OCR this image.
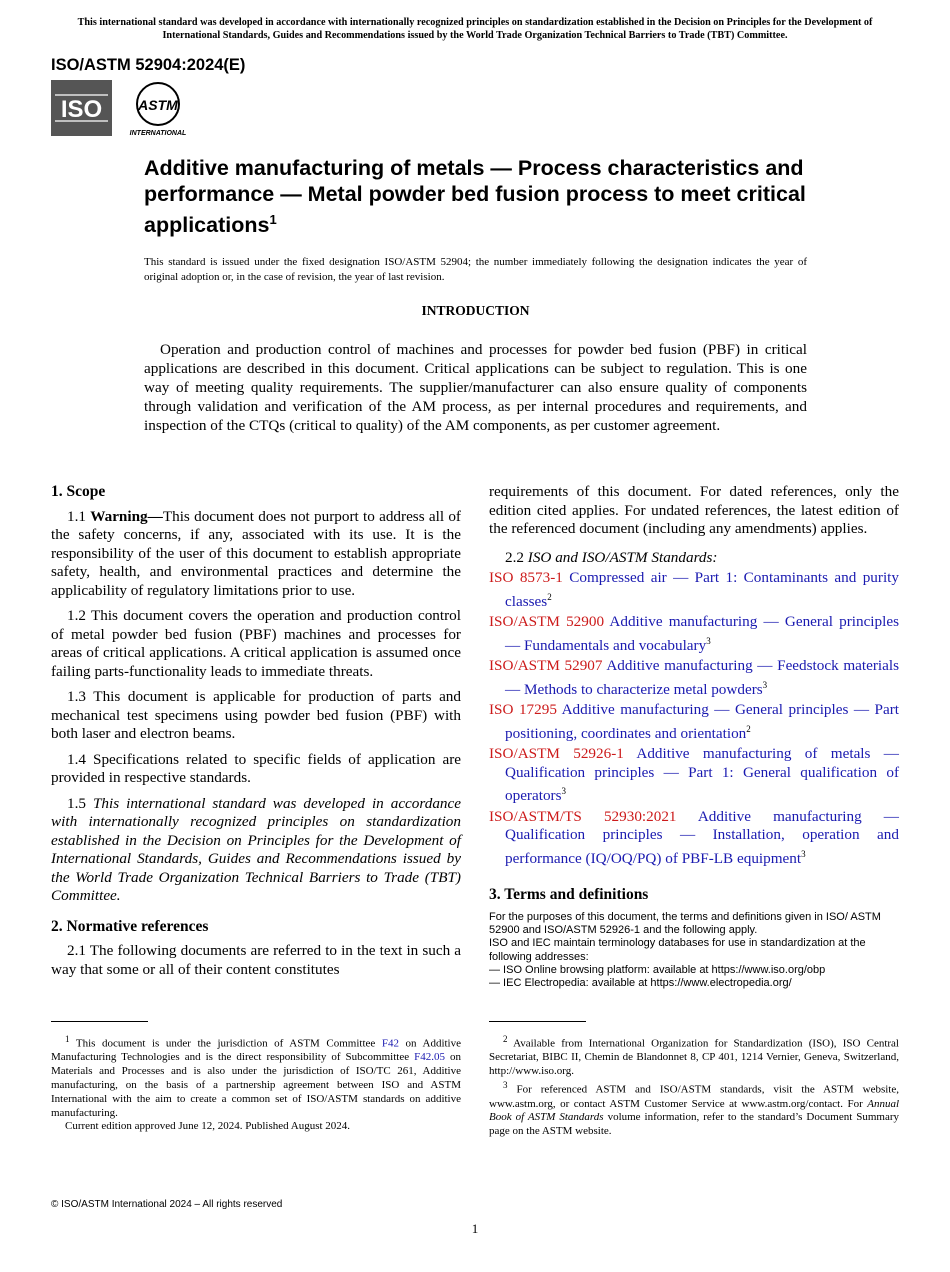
This international standard was developed in accordance with internationally recognized principles on standardization established in the Decision on Principles for the Development of International Standards, Guides and Recommendations issued by the World Trade Organization Technical Barriers to Trade (TBT) Committee.
ISO/ASTM 52904:2024(E)
ISO	ASTM
INTERNATIONAL
Additive manufacturing of metals — Process characteristics and performance — Metal powder bed fusion process to meet critical applications$^1$
This standard is issued under the fixed designation ISO/ASTM 52904; the number immediately following the designation indicates the year of original adoption or, in the case of revision, the year of last revision.
INTRODUCTION
Operation and production control of machines and processes for powder bed fusion (PBF) in critical applications are described in this document. Critical applications can be subject to regulation. This is one way of meeting quality requirements. The supplier/manufacturer can also ensure quality of components through validation and verification of the AM process, as per internal procedures and requirements, and inspection of the CTQs (critical to quality) of the AM components, as per customer agreement.
1. Scope

1.1 Warning—This document does not purport to address all of the safety concerns, if any, associated with its use. It is the responsibility of the user of this document to establish appropriate safety, health, and environmental practices and determine the applicability of regulatory limitations prior to use.

1.2 This document covers the operation and production control of metal powder bed fusion (PBF) machines and processes for areas of critical applications. A critical application is assumed once failing parts-functionality leads to immediate threats.

1.3 This document is applicable for production of parts and mechanical test specimens using powder bed fusion (PBF) with both laser and electron beams.

1.4 Specifications related to specific fields of application are provided in respective standards.

1.5 This international standard was developed in accordance with internationally recognized principles on standardization established in the Decision on Principles for the Development of International Standards, Guides and Recommendations issued by the World Trade Organization Technical Barriers to Trade (TBT) Committee.

2. Normative references

2.1 The following documents are referred to in the text in such a way that some or all of their content constitutes

$^1$ This document is under the jurisdiction of ASTM Committee F42 on Additive Manufacturing Technologies and is the direct responsibility of Subcommittee F42.05 on Materials and Processes and is also under the jurisdiction of ISO/TC 261, Additive manufacturing, on the basis of a partnership agreement between ISO and ASTM International with the aim to create a common set of ISO/ASTM standards on additive manufacturing.

Current edition approved June 12, 2024. Published August 2024.

requirements of this document. For dated references, only the edition cited applies. For undated references, the latest edition of the referenced document (including any amendments) applies.

2.2 ISO and ISO/ASTM Standards:

ISO 8573-1 Compressed air — Part 1: Contaminants and purity classes$^2$
ISO/ASTM 52900 Additive manufacturing — General principles — Fundamentals and vocabulary$^3$
ISO/ASTM 52907 Additive manufacturing — Feedstock materials — Methods to characterize metal powders$^3$
ISO 17295 Additive manufacturing — General principles — Part positioning, coordinates and orientation$^2$
ISO/ASTM 52926-1 Additive manufacturing of metals — Qualification principles — Part 1: General qualification of operators$^3$
ISO/ASTM/TS 52930:2021 Additive manufacturing — Qualification principles — Installation, operation and performance (IQ/OQ/PQ) of PBF-LB equipment$^3$
3. Terms and definitions
For the purposes of this document, the terms and definitions given in ISO/ ASTM 52900 and ISO/ASTM 52926-1 and the following apply.
ISO and IEC maintain terminology databases for use in standardization at the following addresses:
— ISO Online browsing platform: available at https://www.iso.org/obp
— IEC Electropedia: available at https://www.electropedia.org/

$^2$ Available from International Organization for Standardization (ISO), ISO Central Secretariat, BIBC II, Chemin de Blandonnet 8, CP 401, 1214 Vernier, Geneva, Switzerland, http://www.iso.org.

$^3$ For referenced ASTM and ISO/ASTM standards, visit the ASTM website, www.astm.org, or contact ASTM Customer Service at www.astm.org/contact. For Annual Book of ASTM Standards volume information, refer to the standard’s Document Summary page on the ASTM website.

© ISO/ASTM International 2024 – All rights reserved
1
